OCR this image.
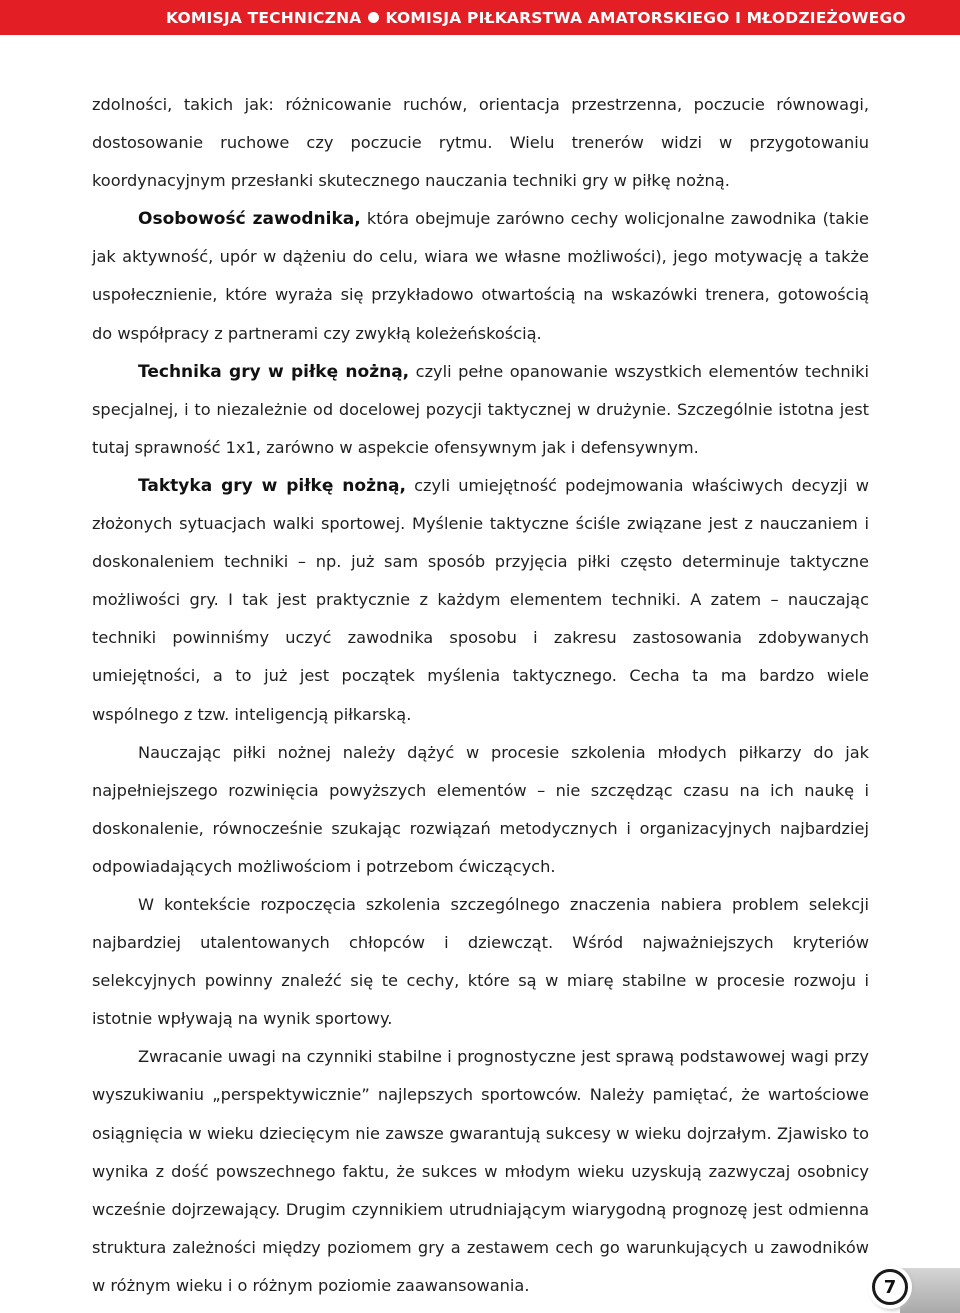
KOMISJA TECHNICZNA KOMISJA PIŁKARSTWA AMATORSKIEGO I MŁODZIEŻOWEGO

zdolności, takich jak: różnicowanie ruchów, orientacja przestrzenna, poczucie równowagi, dostosowanie ruchowe czy poczucie rytmu. Wielu trenerów widzi w przygotowaniu koordynacyjnym przesłanki skutecznego nauczania techniki gry w piłkę nożną.

Osobowość zawodnika, która obejmuje zarówno cechy wolicjonalne zawodnika (takie jak aktywność, upór w dążeniu do celu, wiara we własne możliwości), jego motywację a także uspołecznienie, które wyraża się przykładowo otwartością na wskazówki trenera, gotowością do współpracy z partnerami czy zwykłą koleżeńskością.

Technika gry w piłkę nożną, czyli pełne opanowanie wszystkich elementów techniki specjalnej, i to niezależnie od docelowej pozycji taktycznej w drużynie. Szczególnie istotna jest tutaj sprawność 1x1, zarówno w aspekcie ofensywnym jak i defensywnym.

Taktyka gry w piłkę nożną, czyli umiejętność podejmowania właściwych decyzji w złożonych sytuacjach walki sportowej. Myślenie taktyczne ściśle związane jest z nauczaniem i doskonaleniem techniki – np. już sam sposób przyjęcia piłki często determinuje taktyczne możliwości gry. I tak jest praktycznie z każdym elementem techniki. A zatem – nauczając techniki powinniśmy uczyć zawodnika sposobu i zakresu zastosowania zdobywanych umiejętności, a to już jest początek myślenia taktycznego. Cecha ta ma bardzo wiele wspólnego z tzw. inteligencją piłkarską.

Nauczając piłki nożnej należy dążyć w procesie szkolenia młodych piłkarzy do jak najpełniejszego rozwinięcia powyższych elementów – nie szczędząc czasu na ich naukę i doskonalenie, równocześnie szukając rozwiązań metodycznych i organizacyjnych najbardziej odpowiadających możliwościom i potrzebom ćwiczących.

W kontekście rozpoczęcia szkolenia szczególnego znaczenia nabiera problem selekcji najbardziej utalentowanych chłopców i dziewcząt. Wśród najważniejszych kryteriów selekcyjnych powinny znaleźć się te cechy, które są w miarę stabilne w procesie rozwoju i istotnie wpływają na wynik sportowy.

Zwracanie uwagi na czynniki stabilne i prognostyczne jest sprawą podstawowej wagi przy wyszukiwaniu „perspektywicznie” najlepszych sportowców. Należy pamiętać, że wartościowe osiągnięcia w wieku dziecięcym nie zawsze gwarantują sukcesy w wieku dojrzałym. Zjawisko to wynika z dość powszechnego faktu, że sukces w młodym wieku uzyskują zazwyczaj osobnicy wcześnie dojrzewający. Drugim czynnikiem utrudniającym wiarygodną prognozę jest odmienna struktura zależności między poziomem gry a zestawem cech go warunkujących u zawodników w różnym wieku i o różnym poziomie zaawansowania.	7
